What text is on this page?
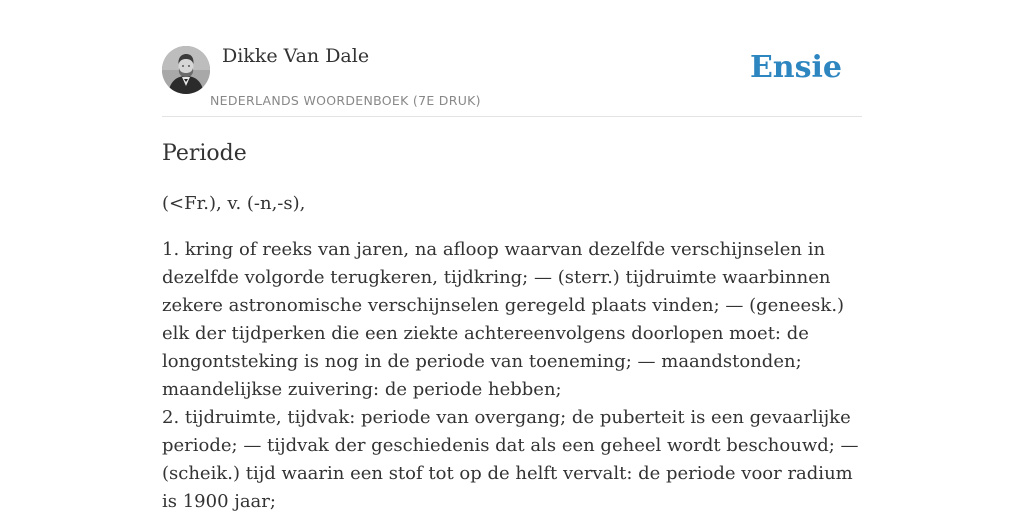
Dikke Van Dale
NEDERLANDS WOORDENBOEK (7E DRUK)
Ensie
Periode

(<Fr.), v. (-n,-s),

1. kring of reeks van jaren, na afloop waarvan dezelfde verschijnselen in dezelfde volgorde terugkeren, tijdkring; — (sterr.) tijdruimte waarbinnen zekere astronomische verschijnselen geregeld plaats vinden; — (geneesk.) elk der tijdperken die een ziekte achtereenvolgens doorlopen moet: de longontsteking is nog in de periode van toeneming; — maandstonden; maandelijkse zuivering: de periode hebben;

2. tijdruimte, tijdvak: periode van overgang; de puberteit is een gevaarlijke periode; — tijdvak der geschiedenis dat als een geheel wordt beschouwd; — (scheik.) tijd waarin een stof tot op de helft vervalt: de periode voor radium is 1900 jaar;
